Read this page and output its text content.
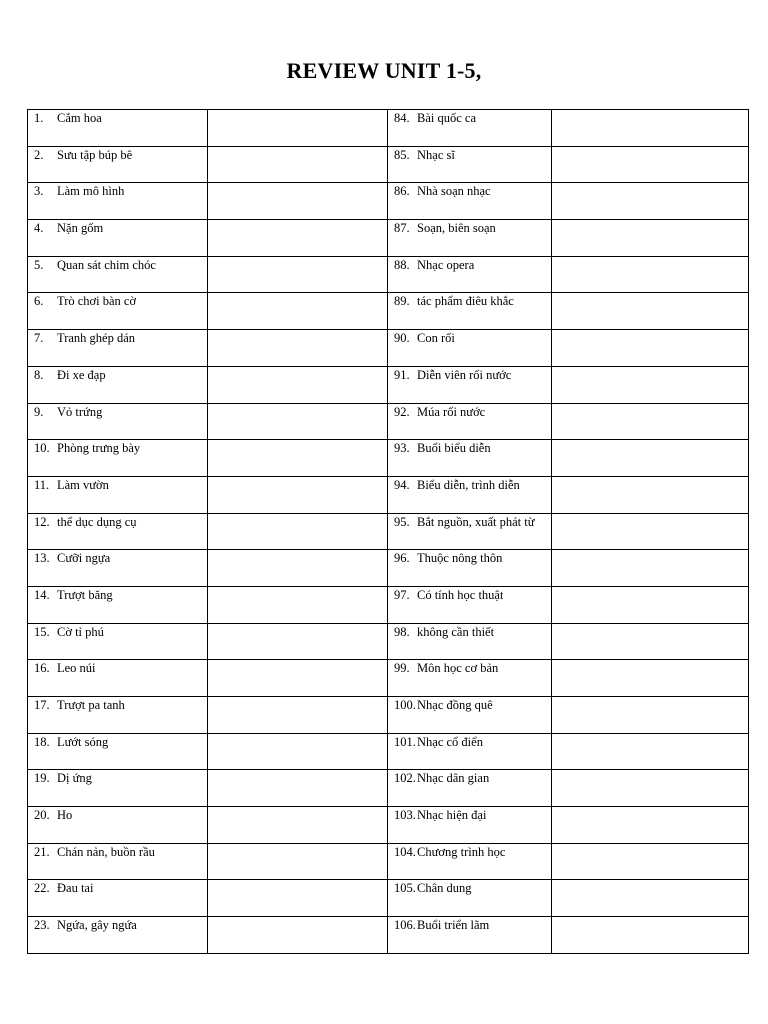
REVIEW UNIT 1-5,
1. Cắm hoa		84. Bài quốc ca	

2. Sưu tập búp bê		85. Nhạc sĩ	

3. Làm mô hình		86. Nhà soạn nhạc	

4. Nặn gốm		87. Soạn, biên soạn	

5. Quan sát chim chóc		88. Nhạc opera	

6. Trò chơi bàn cờ		89. tác phẩm điêu khắc	

7. Tranh ghép dán		90. Con rối	

8. Đi xe đạp		91. Diễn viên rối nước	

9. Vỏ trứng		92. Múa rối nước	

10. Phòng trưng bày		93. Buổi biểu diễn	

11. Làm vườn		94. Biểu diễn, trình diễn	

12. thể dục dụng cụ		95. Bắt nguồn, xuất phát từ	

13. Cưỡi ngựa		96. Thuộc nông thôn	

14. Trượt băng		97. Có tính học thuật	

15. Cờ tỉ phú		98. không cần thiết	

16. Leo núi		99. Môn học cơ bản	

17. Trượt pa tanh		100. Nhạc đồng quê	

18. Lướt sóng		101. Nhạc cổ điển	

19. Dị ứng		102. Nhạc dân gian	

20. Ho		103. Nhạc hiện đại	

21. Chán nản, buồn rầu		104. Chương trình học	

22. Đau tai		105. Chân dung	

23. Ngứa, gây ngứa		106. Buổi triển lãm	
